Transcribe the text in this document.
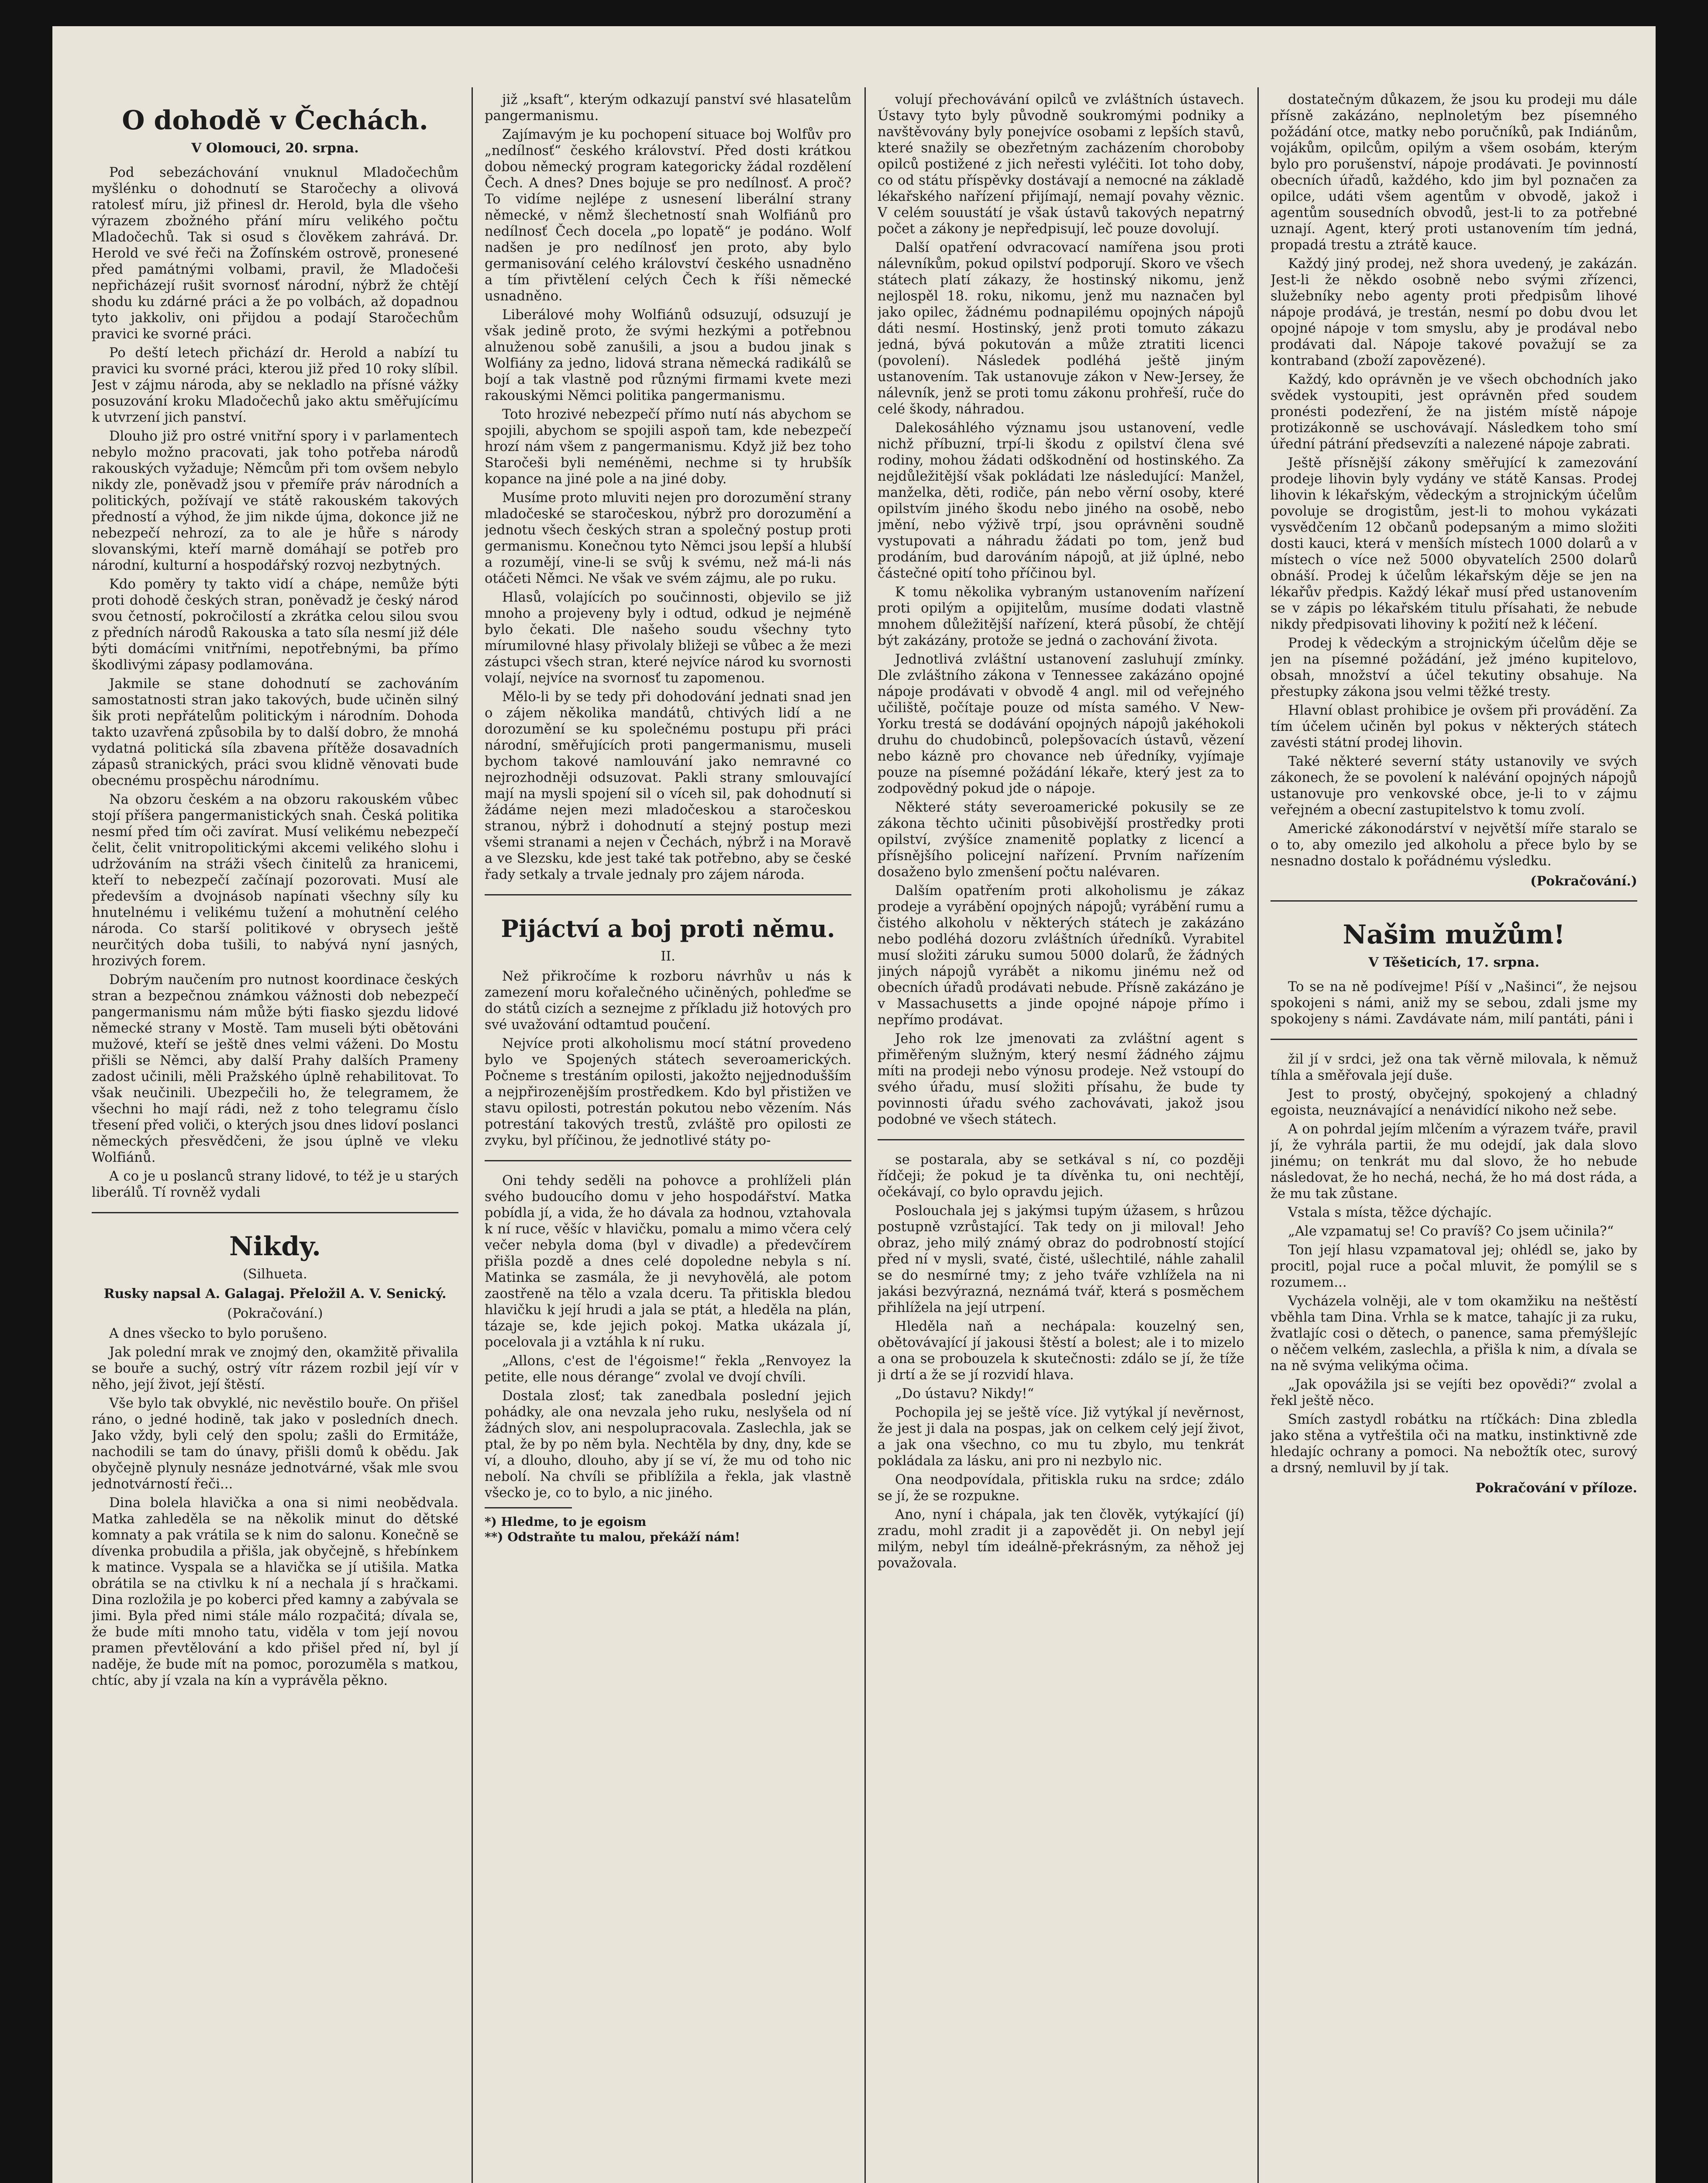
O dohodě v Čechách.
V Olomouci, 20. srpna.

Pod sebezáchování vnuknul Mladočechům myšlénku o dohodnutí se Staročechy a olivová ratolesť míru, již přinesl dr. Herold, byla dle všeho výrazem zbožného přání míru velikého počtu Mladočechů. Tak si osud s člověkem zahrává. Dr. Herold ve své řeči na Žofínském ostrově, pronesené před památnými volbami, pravil, že Mladočeši nepřicházejí rušit svornosť národní, nýbrž že chtějí shodu ku zdárné práci a že po volbách, až dopadnou tyto jakkoliv, oni přijdou a podají Staročechům pravici ke svorné práci.

Po deští letech přichází dr. Herold a nabízí tu pravici ku svorné práci, kterou již před 10 roky slíbil. Jest v zájmu národa, aby se nekladlo na přísné vážky posuzování kroku Mladočechů jako aktu směřujícímu k utvrzení jich panství.

Dlouho již pro ostré vnitřní spory i v parlamentech nebylo možno pracovati, jak toho potřeba národů rakouských vyžaduje; Němcům při tom ovšem nebylo nikdy zle, poněvadž jsou v přemíře práv národních a politických, požívají ve státě rakouském takových předností a výhod, že jim nikde újma, dokonce již ne nebezpečí nehrozí, za to ale je hůře s národy slovanskými, kteří marně domáhají se potřeb pro národní, kulturní a hospodářský rozvoj nezbytných.

Kdo poměry ty takto vidí a chápe, nemůže býti proti dohodě českých stran, poněvadž je český národ svou četností, pokročilostí a zkrátka celou silou svou z předních národů Rakouska a tato síla nesmí již déle býti domácími vnitřními, nepotřebnými, ba přímo škodlivými zápasy podlamována.

Jakmile se stane dohodnutí se zachováním samostatnosti stran jako takových, bude učiněn silný šik proti nepřátelům politickým i národním. Dohoda takto uzavřená způsobila by to další dobro, že mnohá vydatná politická síla zbavena přítěže dosavadních zápasů stranických, práci svou klidně věnovati bude obecnému prospěchu národnímu.

Na obzoru českém a na obzoru rakouském vůbec stojí příšera pangermanistických snah. Česká politika nesmí před tím oči zavírat. Musí velikému nebezpečí čelit, čelit vnitropolitickými akcemi velikého slohu i udržováním na stráži všech činitelů za hranicemi, kteří to nebezpečí začínají pozorovati. Musí ale především a dvojnásob napínati všechny síly ku hnutelnému i velikému tužení a mohutnění celého národa. Co starší politikové v obrysech ještě neurčitých doba tušili, to nabývá nyní jasných, hrozivých forem.

Dobrým naučením pro nutnost koordinace českých stran a bezpečnou známkou vážnosti dob nebezpečí pangermanismu nám může býti fiasko sjezdu lidové německé strany v Mostě. Tam museli býti obětováni mužové, kteří se ještě dnes velmi váženi. Do Mostu přišli se Němci, aby další Prahy dalších Prameny zadost učinili, měli Pražského úplně rehabilitovat. To však neučinili. Ubezpečili ho, že telegramem, že všechni ho mají rádi, než z toho telegramu číslo třesení před voliči, o kterých jsou dnes lidoví poslanci německých přesvědčeni, že jsou úplně ve vleku Wolfiánů.

A co je u poslanců strany lidové, to též je u starých liberálů. Tí rovněž vydali

Nikdy.
(Silhueta.
Rusky napsal A. Galagaj. Přeložil A. V. Senický.
(Pokračování.)

A dnes všecko to bylo porušeno.

Jak polední mrak ve znojmý den, okamžitě přivalila se bouře a suchý, ostrý vítr rázem rozbil její vír v něho, její život, její štěstí.

Vše bylo tak obvyklé, nic nevěstilo bouře. On přišel ráno, o jedné hodině, tak jako v posledních dnech. Jako vždy, byli celý den spolu; zašli do Ermitáže, nachodili se tam do únavy, přišli domů k obědu. Jak obyčejně plynuly nesnáze jednotvárné, však mle svou jednotvárností řeči...

Dina bolela hlavička a ona si nimi neobědvala. Matka zahleděla se na několik minut do dětské komnaty a pak vrátila se k nim do salonu. Konečně se dívenka probudila a přišla, jak obyčejně, s hřebínkem k matince. Vyspala se a hlavička se jí utišila. Matka obrátila se na ctivlku k ní a nechala jí s hračkami. Dina rozložila je po koberci před kamny a zabývala se jimi. Byla před nimi stále málo rozpačitá; dívala se, že bude míti mnoho tatu, viděla v tom její novou pramen převtělování a kdo přišel před ní, byl jí naděje, že bude mít na pomoc, porozuměla s matkou, chtíc, aby jí vzala na kín a vyprávěla pěkno.

již „ksaft“, kterým odkazují panství své hlasatelům pangermanismu.

Zajímavým je ku pochopení situace boj Wolfův pro „nedílnosť“ českého království. Před dosti krátkou dobou německý program kategoricky žádal rozdělení Čech. A dnes? Dnes bojuje se pro nedílnosť. A proč? To vidíme nejlépe z usnesení liberální strany německé, v němž šlechetností snah Wolfiánů pro nedílnosť Čech docela „po lopatě“ je podáno. Wolf nadšen je pro nedílnosť jen proto, aby bylo germanisování celého království českého usnadněno a tím přivtělení celých Čech k říši německé usnadněno.

Liberálové mohy Wolfiánů odsuzují, odsuzují je však jedině proto, že svými hezkými a potřebnou alnuženou sobě zanušili, a jsou a budou jinak s Wolfiány za jedno, lidová strana německá radikálů se bojí a tak vlastně pod různými firmami kvete mezi rakouskými Němci politika pangermanismu.

Toto hrozivé nebezpečí přímo nutí nás abychom se spojili, abychom se spojili aspoň tam, kde nebezpečí hrozí nám všem z pangermanismu. Když již bez toho Staročeši byli neméněmi, nechme si ty hrubšík kopance na jiné pole a na jiné doby.

Musíme proto mluviti nejen pro dorozumění strany mladočeské se staročeskou, nýbrž pro dorozumění a jednotu všech českých stran a společný postup proti germanismu. Konečnou tyto Němci jsou lepší a hlubší a rozumějí, vine-li se svůj k svému, než má-li nás otáčeti Němci. Ne však ve svém zájmu, ale po ruku.

Hlasů, volajících po součinnosti, objevilo se již mnoho a projeveny byly i odtud, odkud je nejméně bylo čekati. Dle našeho soudu všechny tyto mírumilovné hlasy přivolaly bližeji se vůbec a že mezi zástupci všech stran, které nejvíce národ ku svornosti volají, nejvíce na svornosť tu zapomenou.

Mělo-li by se tedy při dohodování jednati snad jen o zájem několika mandátů, chtivých lidí a ne dorozumění se ku společnému postupu při práci národní, směřujících proti pangermanismu, museli bychom takové namlouvání jako nemravné co nejrozhodněji odsuzovat. Pakli strany smlouvající mají na mysli spojení sil o víceh sil, pak dohodnutí si žádáme nejen mezi mladočeskou a staročeskou stranou, nýbrž i dohodnutí a stejný postup mezi všemi stranami a nejen v Čechách, nýbrž i na Moravě a ve Slezsku, kde jest také tak potřebno, aby se české řady setkaly a trvale jednaly pro zájem národa.

Pijáctví a boj proti němu.
II.

Než přikročíme k rozboru návrhův u nás k zamezení moru kořalečného učiněných, pohleďme se do států cizích a seznejme z příkladu již hotových pro své uvažování odtamtud poučení.

Nejvíce proti alkoholismu mocí státní provedeno bylo ve Spojených státech severoamerických. Počneme s trestáním opilosti, jakožto nejjednodušším a nejpřirozenějším prostředkem. Kdo byl přistižen ve stavu opilosti, potrestán pokutou nebo vězením. Nás potrestání takových trestů, zvláště pro opilosti ze zvyku, byl příčinou, že jednotlivé státy po-

Oni tehdy seděli na pohovce a prohlíželi plán svého budoucího domu v jeho hospodářství. Matka pobídla jí, a vida, že ho dávala za hodnou, vztahovala k ní ruce, věšíc v hlavičku, pomalu a mimo včera celý večer nebyla doma (byl v divadle) a předevčírem přišla pozdě a dnes celé dopoledne nebyla s ní. Matinka se zasmála, že ji nevyhovělá, ale potom zaostřeně na tělo a vzala dceru. Ta přitiskla bledou hlavičku k její hrudi a jala se ptát, a hleděla na plán, tázaje se, kde jejich pokoj. Matka ukázala jí, pocelovala ji a vztáhla k ní ruku.

„Allons, c'est de l'égoisme!“ řekla „Renvoyez la petite, elle nous dérange“ zvolal ve dvojí chvíli.

Dostala zlosť; tak zanedbala poslední jejich pohádky, ale ona nevzala jeho ruku, neslyšela od ní žádných slov, ani nespolupracovala. Zaslechla, jak se ptal, že by po něm byla. Nechtěla by dny, dny, kde se ví, a dlouho, dlouho, aby jí se ví, že mu od toho nic nebolí. Na chvíli se přiblížila a řekla, jak vlastně všecko je, co to bylo, a nic jiného.

*) Hledme, to je egoism
**) Odstraňte tu malou, překáží nám!

volují přechovávání opilců ve zvláštních ústavech. Ústavy tyto byly původně soukromými podniky a navštěvovány byly ponejvíce osobami z lepších stavů, které snažily se obezřetným zacházením choroboby opilců postižené z jich neřesti vyléčiti. Iot toho doby, co od státu příspěvky dostávají a nemocné na základě lékařského nařízení přijímají, nemají povahy věznic. V celém souustátí je však ústavů takových nepatrný počet a zákony je nepředpisují, leč pouze dovolují.

Další opatření odvracovací namířena jsou proti nálevníkům, pokud opilství podporují. Skoro ve všech státech platí zákazy, že hostinský nikomu, jenž nejlospěl 18. roku, nikomu, jenž mu naznačen byl jako opilec, žádnému podnapilému opojných nápojů dáti nesmí. Hostinský, jenž proti tomuto zákazu jedná, bývá pokutován a může ztratiti licenci (povolení). Následek podléhá ještě jiným ustanovením. Tak ustanovuje zákon v New-Jersey, že nálevník, jenž se proti tomu zákonu prohřeší, ruče do celé škody, náhradou.

Dalekosáhlého významu jsou ustanovení, vedle nichž příbuzní, trpí-li škodu z opilství člena své rodiny, mohou žádati odškodnění od hostinského. Za nejdůležitější však pokládati lze následující: Manžel, manželka, děti, rodiče, pán nebo věrní osoby, které opilstvím jiného škodu nebo jiného na osobě, nebo jmění, nebo výživě trpí, jsou oprávněni soudně vystupovati a náhradu žádati po tom, jenž bud prodáním, bud darováním nápojů, at již úplné, nebo částečné opití toho příčinou byl.

K tomu několika vybraným ustanovením nařízení proti opilým a opijitelům, musíme dodati vlastně mnohem důležitější nařízení, která působí, že chtějí být zakázány, protože se jedná o zachování života.

Jednotlivá zvláštní ustanovení zasluhují zmínky. Dle zvláštního zákona v Tennessee zakázáno opojné nápoje prodávati v obvodě 4 angl. mil od veřejného učiliště, počítaje pouze od místa samého. V New-Yorku trestá se dodávání opojných nápojů jakéhokoli druhu do chudobinců, polepšovacích ústavů, vězení nebo kázně pro chovance neb úředníky, vyjímaje pouze na písemné požádání lékaře, který jest za to zodpovědný pokud jde o nápoje.

Některé státy severoamerické pokusily se ze zákona těchto učiniti působivější prostředky proti opilství, zvýšíce znamenitě poplatky z licencí a přísnějšího policejní nařízení. Prvním nařízením dosaženo bylo zmenšení počtu nalévaren.

Dalším opatřením proti alkoholismu je zákaz prodeje a vyrábění opojných nápojů; vyrábění rumu a čistého alkoholu v některých státech je zakázáno nebo podléhá dozoru zvláštních úředníků. Vyrabitel musí složiti záruku sumou 5000 dolarů, že žádných jiných nápojů vyrábět a nikomu jinému než od obecních úřadů prodávati nebude. Přísně zakázáno je v Massachusetts a jinde opojné nápoje přímo i nepřímo prodávat.

Jeho rok lze jmenovati za zvláštní agent s přiměřeným služným, který nesmí žádného zájmu míti na prodeji nebo výnosu prodeje. Než vstoupí do svého úřadu, musí složiti přísahu, že bude ty povinnosti úřadu svého zachovávati, jakož jsou podobné ve všech státech.

se postarala, aby se setkával s ní, co později řídčeji; že pokud je ta dívěnka tu, oni nechtějí, očekávají, co bylo opravdu jejich.

Poslouchala jej s jakýmsi tupým úžasem, s hrůzou postupně vzrůstající. Tak tedy on ji miloval! Jeho obraz, jeho milý známý obraz do podrobností stojící před ní v mysli, svaté, čisté, ušlechtilé, náhle zahalil se do nesmírné tmy; z jeho tváře vzhlížela na ni jakási bezvýrazná, neznámá tvář, která s posměchem přihlížela na její utrpení.

Hleděla naň a nechápala: kouzelný sen, obětovávající jí jakousi štěstí a bolest; ale i to mizelo a ona se probouzela k skutečnosti: zdálo se jí, že tíže ji drtí a že se jí rozvidí hlava.

„Do ústavu? Nikdy!“

Pochopila jej se ještě více. Již vytýkal jí nevěrnost, že jest ji dala na pospas, jak on celkem celý její život, a jak ona všechno, co mu tu zbylo, mu tenkrát pokládala za lásku, ani pro ni nezbylo nic.

Ona neodpovídala, přitiskla ruku na srdce; zdálo se jí, že se rozpukne.

Ano, nyní i chápala, jak ten člověk, vytýkající (jí) zradu, mohl zradit ji a zapovědět ji. On nebyl její milým, nebyl tím ideálně-překrásným, za něhož jej považovala.

dostatečným důkazem, že jsou ku prodeji mu dále přísně zakázáno, neplnoletým bez písemného požádání otce, matky nebo poručníků, pak Indiánům, vojákům, opilcům, opilým a všem osobám, kterým bylo pro porušenství, nápoje prodávati. Je povinností obecních úřadů, každého, kdo jim byl poznačen za opilce, udáti všem agentům v obvodě, jakož i agentům sousedních obvodů, jest-li to za potřebné uznají. Agent, který proti ustanovením tím jedná, propadá trestu a ztrátě kauce.

Každý jiný prodej, než shora uvedený, je zakázán. Jest-li že někdo osobně nebo svými zřízenci, služebníky nebo agenty proti předpisům lihové nápoje prodává, je trestán, nesmí po dobu dvou let opojné nápoje v tom smyslu, aby je prodával nebo prodávati dal. Nápoje takové považují se za kontraband (zboží zapovězené).

Každý, kdo oprávněn je ve všech obchodních jako svědek vystoupiti, jest oprávněn před soudem pronésti podezření, že na jistém místě nápoje protizákonně se uschovávají. Následkem toho smí úřední pátrání předsevzíti a nalezené nápoje zabrati.

Ještě přísnější zákony směřující k zamezování prodeje lihovin byly vydány ve státě Kansas. Prodej lihovin k lékařským, vědeckým a strojnickým účelům povoluje se drogistům, jest-li to mohou vykázati vysvědčením 12 občanů podepsaným a mimo složiti dosti kauci, která v menších místech 1000 dolarů a v místech o více než 5000 obyvatelích 2500 dolarů obnáší. Prodej k účelům lékařským děje se jen na lékařův předpis. Každý lékař musí před ustanovením se v zápis po lékařském titulu přísahati, že nebude nikdy předpisovati lihoviny k požití než k léčení.

Prodej k vědeckým a strojnickým účelům děje se jen na písemné požádání, jež jméno kupitelovo, obsah, množství a účel tekutiny obsahuje. Na přestupky zákona jsou velmi těžké tresty.

Hlavní oblast prohibice je ovšem při provádění. Za tím účelem učiněn byl pokus v některých státech zavésti státní prodej lihovin.

Také některé severní státy ustanovily ve svých zákonech, že se povolení k nalévání opojných nápojů ustanovuje pro venkovské obce, je-li to v zájmu veřejném a obecní zastupitelstvo k tomu zvolí.

Americké zákonodárství v největší míře staralo se o to, aby omezilo jed alkoholu a přece bylo by se nesnadno dostalo k pořádnému výsledku.

(Pokračování.)
Našim mužům!
V Těšeticích, 17. srpna.

To se na ně podívejme! Píší v „Našinci“, že nejsou spokojeni s námi, aniž my se sebou, zdali jsme my spokojeny s námi. Zavdávate nám, milí pantáti, páni i

žil jí v srdci, jež ona tak věrně milovala, k němuž tíhla a směřovala její duše.

Jest to prostý, obyčejný, spokojený a chladný egoista, neuznávající a nenávidící nikoho než sebe.

A on pohrdal jejím mlčením a výrazem tváře, pravil jí, že vyhrála partii, že mu odejdí, jak dala slovo jinému; on tenkrát mu dal slovo, že ho nebude následovat, že ho nechá, nechá, že ho má dost ráda, a že mu tak zůstane.

Vstala s místa, těžce dýchajíc.

„Ale vzpamatuj se! Co pravíš? Co jsem učinila?“

Ton její hlasu vzpamatoval jej; ohlédl se, jako by procitl, pojal ruce a počal mluvit, že pomýlil se s rozumem...

Vycházela volněji, ale v tom okamžiku na neštěstí vběhla tam Dina. Vrhla se k matce, tahajíc ji za ruku, žvatlajíc cosi o dětech, o panence, sama přemýšlejíc o něčem velkém, zaslechla, a přišla k nim, a dívala se na ně svýma velikýma očima.

„Jak opovážila jsi se vejíti bez opovědi?“ zvolal a řekl ještě něco.

Smích zastydl robátku na rtíčkách: Dina zbledla jako stěna a vytřeštila oči na matku, instinktivně zde hledajíc ochrany a pomoci. Na nebožtík otec, surový a drsný, nemluvil by jí tak.

Pokračování v příloze.
